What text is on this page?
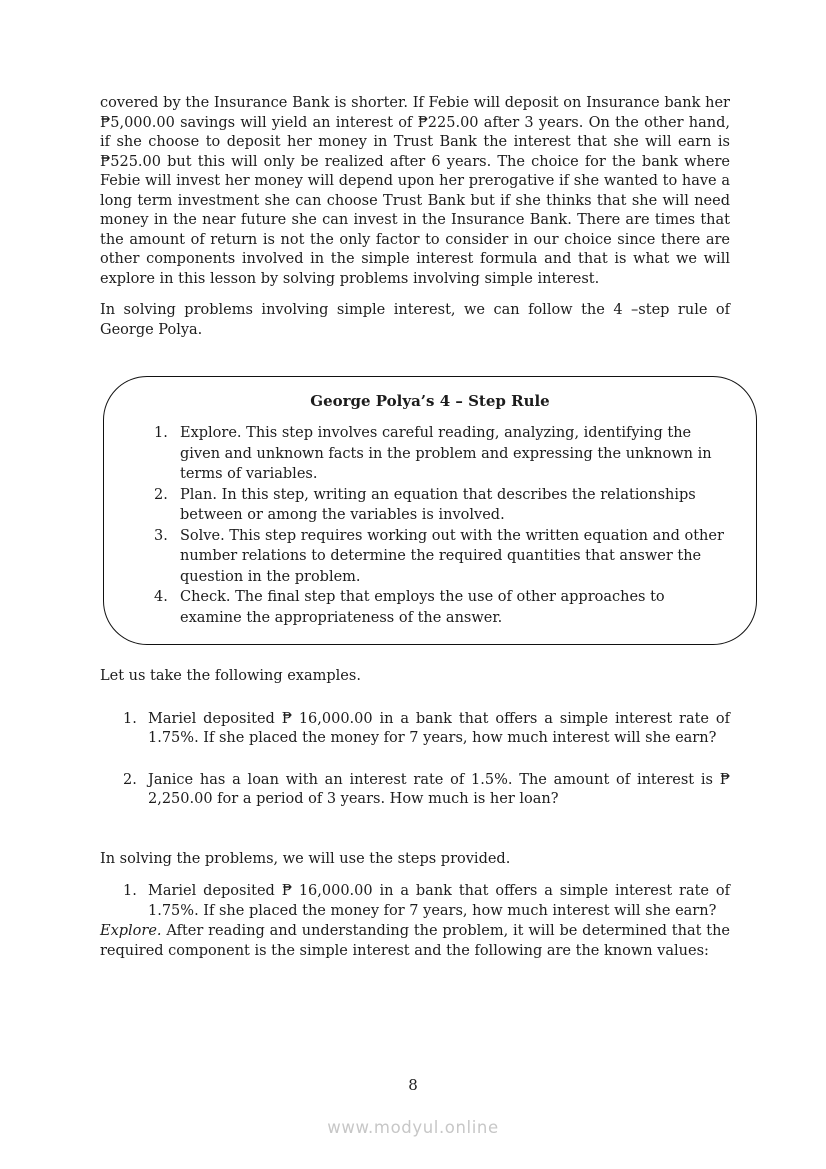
covered by the Insurance Bank is shorter. If Febie will deposit on Insurance bank her ₱5,000.00 savings will yield an interest of ₱225.00 after 3 years. On the other hand, if she choose to deposit her money in Trust Bank the interest that she will earn is ₱525.00 but this will only be realized after 6 years. The choice for the bank where Febie will invest her money will depend upon her prerogative if she wanted to have a long term investment she can choose Trust Bank but if she thinks that she will need money in the near future she can invest in the Insurance Bank. There are times that the amount of return is not the only factor to consider in our choice since there are other components involved in the simple interest formula and that is what we will explore in this lesson by solving problems involving simple interest.

In solving problems involving simple interest, we can follow the 4 –step rule of George Polya.

George Polya’s 4 – Step Rule
1. Explore. This step involves careful reading, analyzing, identifying the given and unknown facts in the problem and expressing the unknown in terms of variables.
2. Plan. In this step, writing an equation that describes the relationships between or among the variables is involved.
3. Solve. This step requires working out with the written equation and other number relations to determine the required quantities that answer the question in the problem.
4. Check. The final step that employs the use of other approaches to examine the appropriateness of the answer.

Let us take the following examples.

1. Mariel deposited ₱ 16,000.00 in a bank that offers a simple interest rate of 1.75%. If she placed the money for 7 years, how much interest will she earn?
2. Janice has a loan with an interest rate of 1.5%. The amount of interest is ₱ 2,250.00 for a period of 3 years. How much is her loan?

In solving the problems, we will use the steps provided.

1. Mariel deposited ₱ 16,000.00 in a bank that offers a simple interest rate of 1.75%. If she placed the money for 7 years, how much interest will she earn?

Explore. After reading and understanding the problem, it will be determined that the required component is the simple interest and the following are the known values:

8
www.modyul.online
